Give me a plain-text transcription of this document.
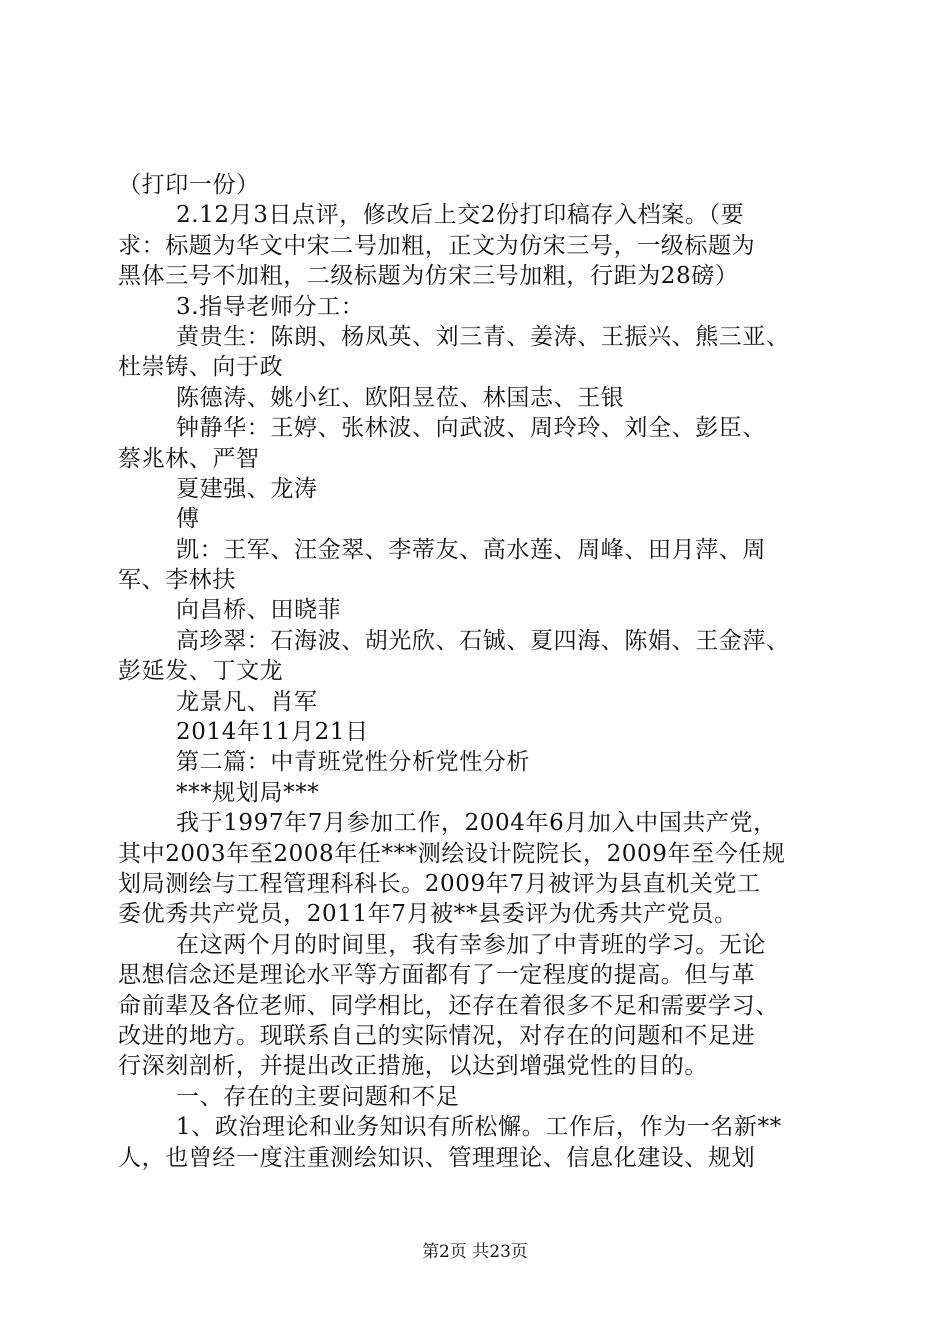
（打印一份）
2.12月3日点评，修改后上交2份打印稿存入档案。（要
求：标题为华文中宋二号加粗，正文为仿宋三号，一级标题为
黑体三号不加粗，二级标题为仿宋三号加粗，行距为28磅）
3.指导老师分工：
黄贵生：陈朗、杨凤英、刘三青、姜涛、王振兴、熊三亚、
杜崇铸、向于政
陈德涛、姚小红、欧阳昱莅、林国志、王银
钟静华：王婷、张林波、向武波、周玲玲、刘全、彭臣、
蔡兆林、严智
夏建强、龙涛
傅
凯：王军、汪金翠、李蒂友、高水莲、周峰、田月萍、周
军、李林扶
向昌桥、田晓菲
高珍翠：石海波、胡光欣、石铖、夏四海、陈娟、王金萍、
彭延发、丁文龙
龙景凡、肖军
2014年11月21日
第二篇：中青班党性分析党性分析
***规划局***
我于1997年7月参加工作，2004年6月加入中国共产党，
其中2003年至2008年任***测绘设计院院长，2009年至今任规
划局测绘与工程管理科科长。2009年7月被评为县直机关党工
委优秀共产党员，2011年7月被**县委评为优秀共产党员。
在这两个月的时间里，我有幸参加了中青班的学习。无论
思想信念还是理论水平等方面都有了一定程度的提高。但与革
命前辈及各位老师、同学相比，还存在着很多不足和需要学习、
改进的地方。现联系自己的实际情况，对存在的问题和不足进
行深刻剖析，并提出改正措施，以达到增强党性的目的。
一、存在的主要问题和不足
1、政治理论和业务知识有所松懈。工作后，作为一名新**
人，也曾经一度注重测绘知识、管理理论、信息化建设、规划
第2页 共23页
